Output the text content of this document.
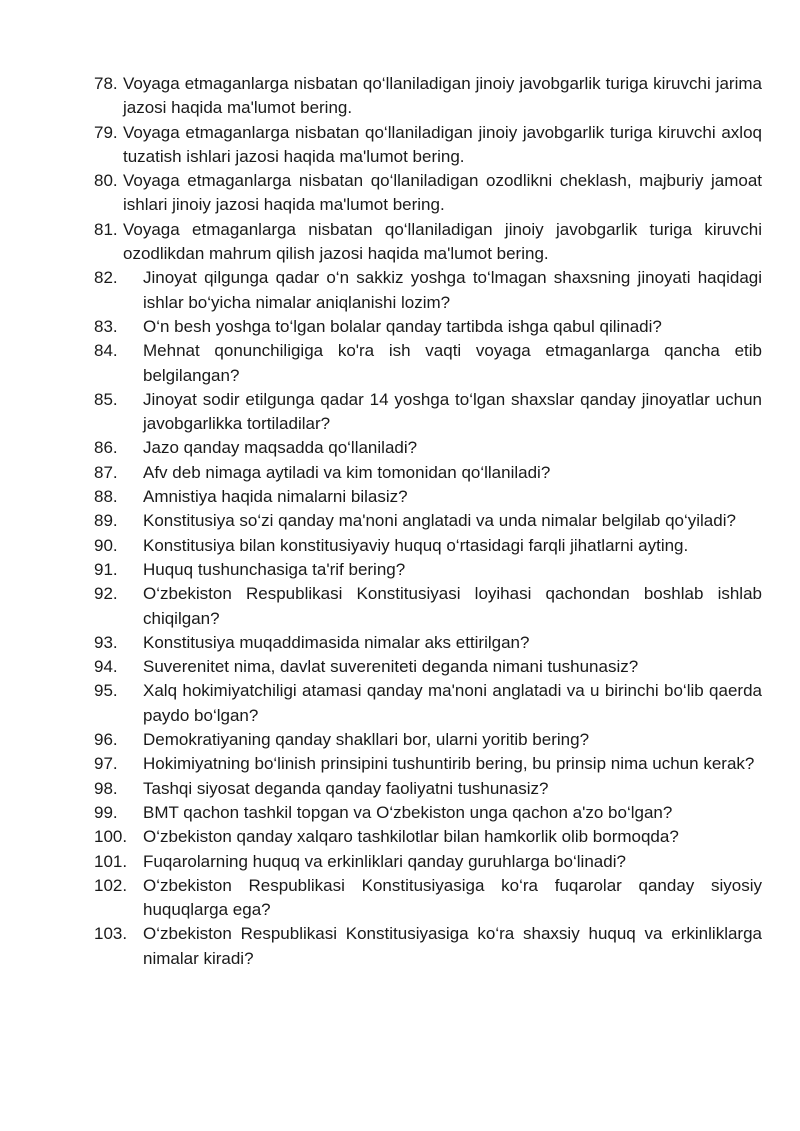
78. Voyaga etmaganlarga nisbatan qo‘llaniladigan jinoiy javobgarlik turiga kiruvchi jarima jazosi haqida ma'lumot bering.
79. Voyaga etmaganlarga nisbatan qo‘llaniladigan jinoiy javobgarlik turiga kiruvchi axloq tuzatish ishlari jazosi haqida ma'lumot bering.
80. Voyaga etmaganlarga nisbatan qo‘llaniladigan ozodlikni cheklash, majburiy jamoat ishlari jinoiy jazosi haqida ma'lumot bering.
81. Voyaga etmaganlarga nisbatan qo‘llaniladigan jinoiy javobgarlik turiga kiruvchi ozodlikdan mahrum qilish jazosi haqida ma'lumot bering.
82. Jinoyat qilgunga qadar o‘n sakkiz yoshga to‘lmagan shaxsning jinoyati haqidagi ishlar bo‘yicha nimalar aniqlanishi lozim?
83. O‘n besh yoshga to‘lgan bolalar qanday tartibda ishga qabul qilinadi?
84. Mehnat qonunchiligiga ko'ra ish vaqti voyaga etmaganlarga qancha etib belgilangan?
85. Jinoyat sodir etilgunga qadar 14 yoshga to‘lgan shaxslar qanday jinoyatlar uchun javobgarlikka tortiladilar?
86. Jazo qanday maqsadda qo‘llaniladi?
87. Afv deb nimaga aytiladi va kim tomonidan qo‘llaniladi?
88. Amnistiya haqida nimalarni bilasiz?
89. Konstitusiya so‘zi qanday ma'noni anglatadi va unda nimalar belgilab qo‘yiladi?
90. Konstitusiya bilan konstitusiyaviy huquq o‘rtasidagi farqli jihatlarni ayting.
91. Huquq tushunchasiga ta'rif bering?
92. O‘zbekiston Respublikasi Konstitusiyasi loyihasi qachondan boshlab ishlab chiqilgan?
93. Konstitusiya muqaddimasida nimalar aks ettirilgan?
94. Suverenitet nima, davlat suvereniteti deganda nimani tushunasiz?
95. Xalq hokimiyatchiligi atamasi qanday ma'noni anglatadi va u birinchi bo‘lib qaerda paydo bo‘lgan?
96. Demokratiyaning qanday shakllari bor, ularni yoritib bering?
97. Hokimiyatning bo‘linish prinsipini tushuntirib bering, bu prinsip nima uchun kerak?
98. Tashqi siyosat deganda qanday faoliyatni tushunasiz?
99. BMT qachon tashkil topgan va O‘zbekiston unga qachon a'zo bo‘lgan?
100. O‘zbekiston qanday xalqaro tashkilotlar bilan hamkorlik olib bormoqda?
101. Fuqarolarning huquq va erkinliklari qanday guruhlarga bo‘linadi?
102. O‘zbekiston Respublikasi Konstitusiyasiga ko‘ra fuqarolar qanday siyosiy huquqlarga ega?
103. O‘zbekiston Respublikasi Konstitusiyasiga ko‘ra shaxsiy huquq va erkinliklarga nimalar kiradi?
